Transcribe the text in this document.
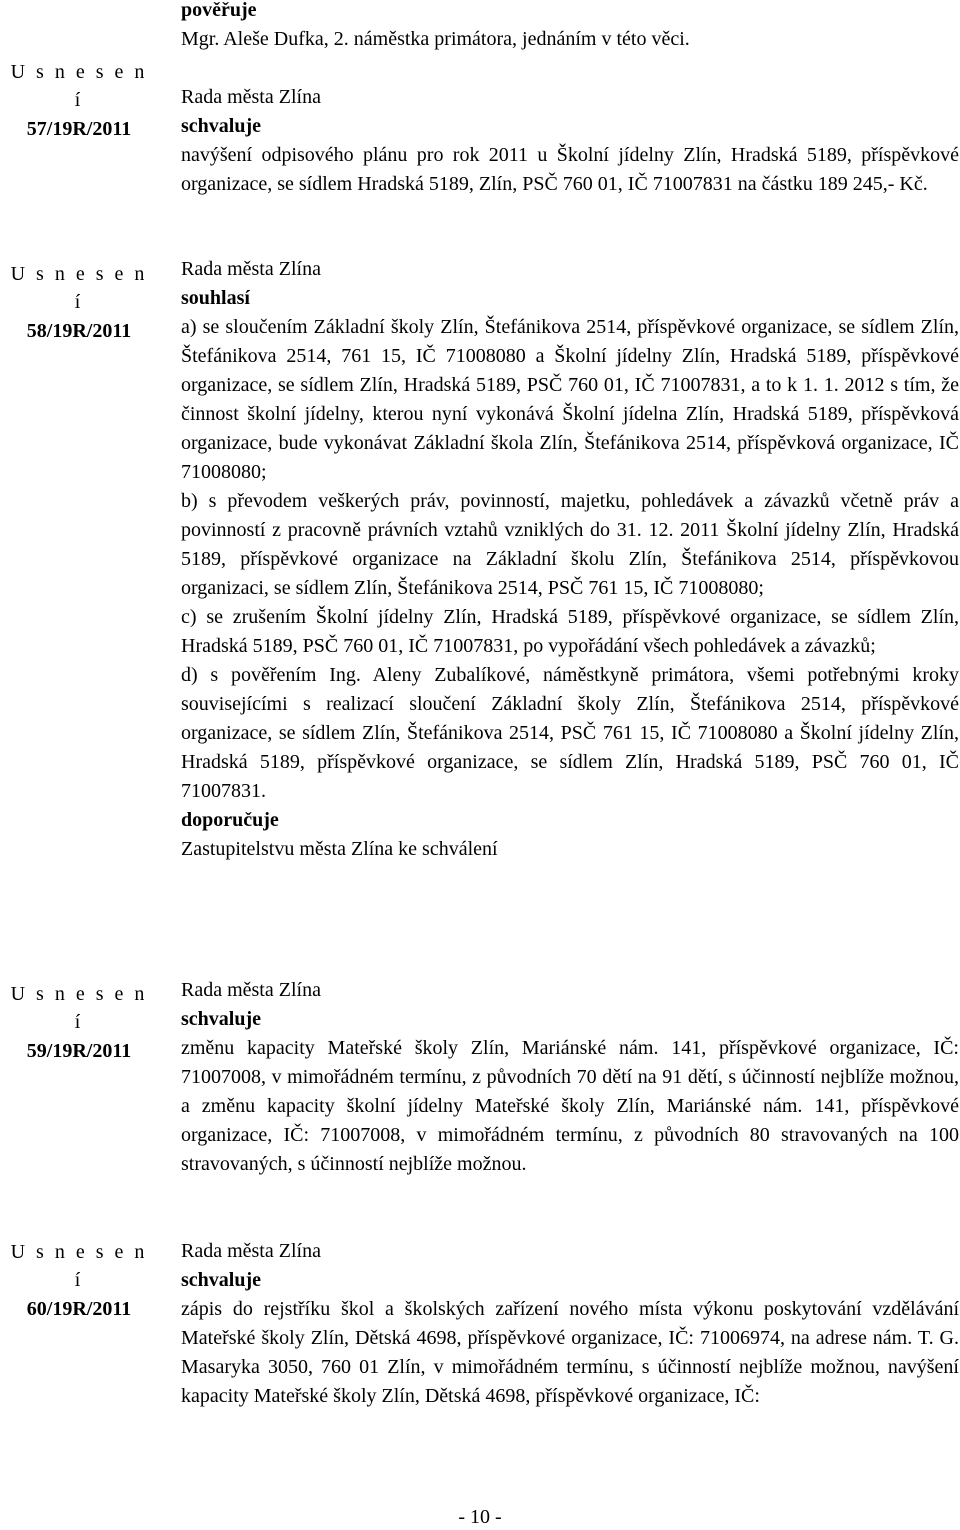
pověřuje

Mgr. Aleše Dufka, 2. náměstka primátora, jednáním v této věci.

U s n e s e n í
57/19R/2011

Rada města Zlína

schvaluje

navýšení odpisového plánu pro rok 2011 u Školní jídelny Zlín, Hradská 5189, příspěvkové organizace, se sídlem Hradská 5189, Zlín, PSČ 760 01, IČ 71007831 na částku 189 245,- Kč.

U s n e s e n í
58/19R/2011

Rada města Zlína

souhlasí

a) se sloučením Základní školy Zlín, Štefánikova 2514, příspěvkové organizace, se sídlem Zlín, Štefánikova 2514, 761 15, IČ 71008080 a Školní jídelny Zlín, Hradská 5189, příspěvkové organizace, se sídlem Zlín, Hradská 5189, PSČ 760 01, IČ 71007831, a to k 1. 1. 2012 s tím, že činnost školní jídelny, kterou nyní vykonává Školní jídelna Zlín, Hradská 5189, příspěvková organizace, bude vykonávat Základní škola Zlín, Štefánikova 2514, příspěvková organizace, IČ 71008080;

b) s převodem veškerých práv, povinností, majetku, pohledávek a závazků včetně práv a povinností z pracovně právních vztahů vzniklých do 31. 12. 2011 Školní jídelny Zlín, Hradská 5189, příspěvkové organizace na Základní školu Zlín, Štefánikova 2514, příspěvkovou organizaci, se sídlem Zlín, Štefánikova 2514, PSČ 761 15, IČ 71008080;

c) se zrušením Školní jídelny Zlín, Hradská 5189, příspěvkové organizace, se sídlem Zlín, Hradská 5189, PSČ 760 01, IČ 71007831, po vypořádání všech pohledávek a závazků;

d) s pověřením Ing. Aleny Zubalíkové, náměstkyně primátora, všemi potřebnými kroky souvisejícími s realizací sloučení Základní školy Zlín, Štefánikova 2514, příspěvkové organizace, se sídlem Zlín, Štefánikova 2514, PSČ 761 15, IČ 71008080 a Školní jídelny Zlín, Hradská 5189, příspěvkové organizace, se sídlem Zlín, Hradská 5189, PSČ 760 01, IČ 71007831.

doporučuje

Zastupitelstvu města Zlína ke schválení

U s n e s e n í
59/19R/2011

Rada města Zlína

schvaluje

změnu kapacity Mateřské školy Zlín, Mariánské nám. 141, příspěvkové organizace, IČ: 71007008, v mimořádném termínu, z původních 70 dětí na 91 dětí, s účinností nejblíže možnou, a změnu kapacity školní jídelny Mateřské školy Zlín, Mariánské nám. 141, příspěvkové organizace, IČ: 71007008, v mimořádném termínu, z původních 80 stravovaných na 100 stravovaných, s účinností nejblíže možnou.

U s n e s e n í
60/19R/2011

Rada města Zlína

schvaluje

zápis do rejstříku škol a školských zařízení nového místa výkonu poskytování vzdělávání Mateřské školy Zlín, Dětská 4698, příspěvkové organizace, IČ: 71006974, na adrese nám. T. G. Masaryka 3050, 760 01 Zlín, v mimořádném termínu, s účinností nejblíže možnou, navýšení kapacity Mateřské školy Zlín, Dětská 4698, příspěvkové organizace, IČ:

- 10 -
